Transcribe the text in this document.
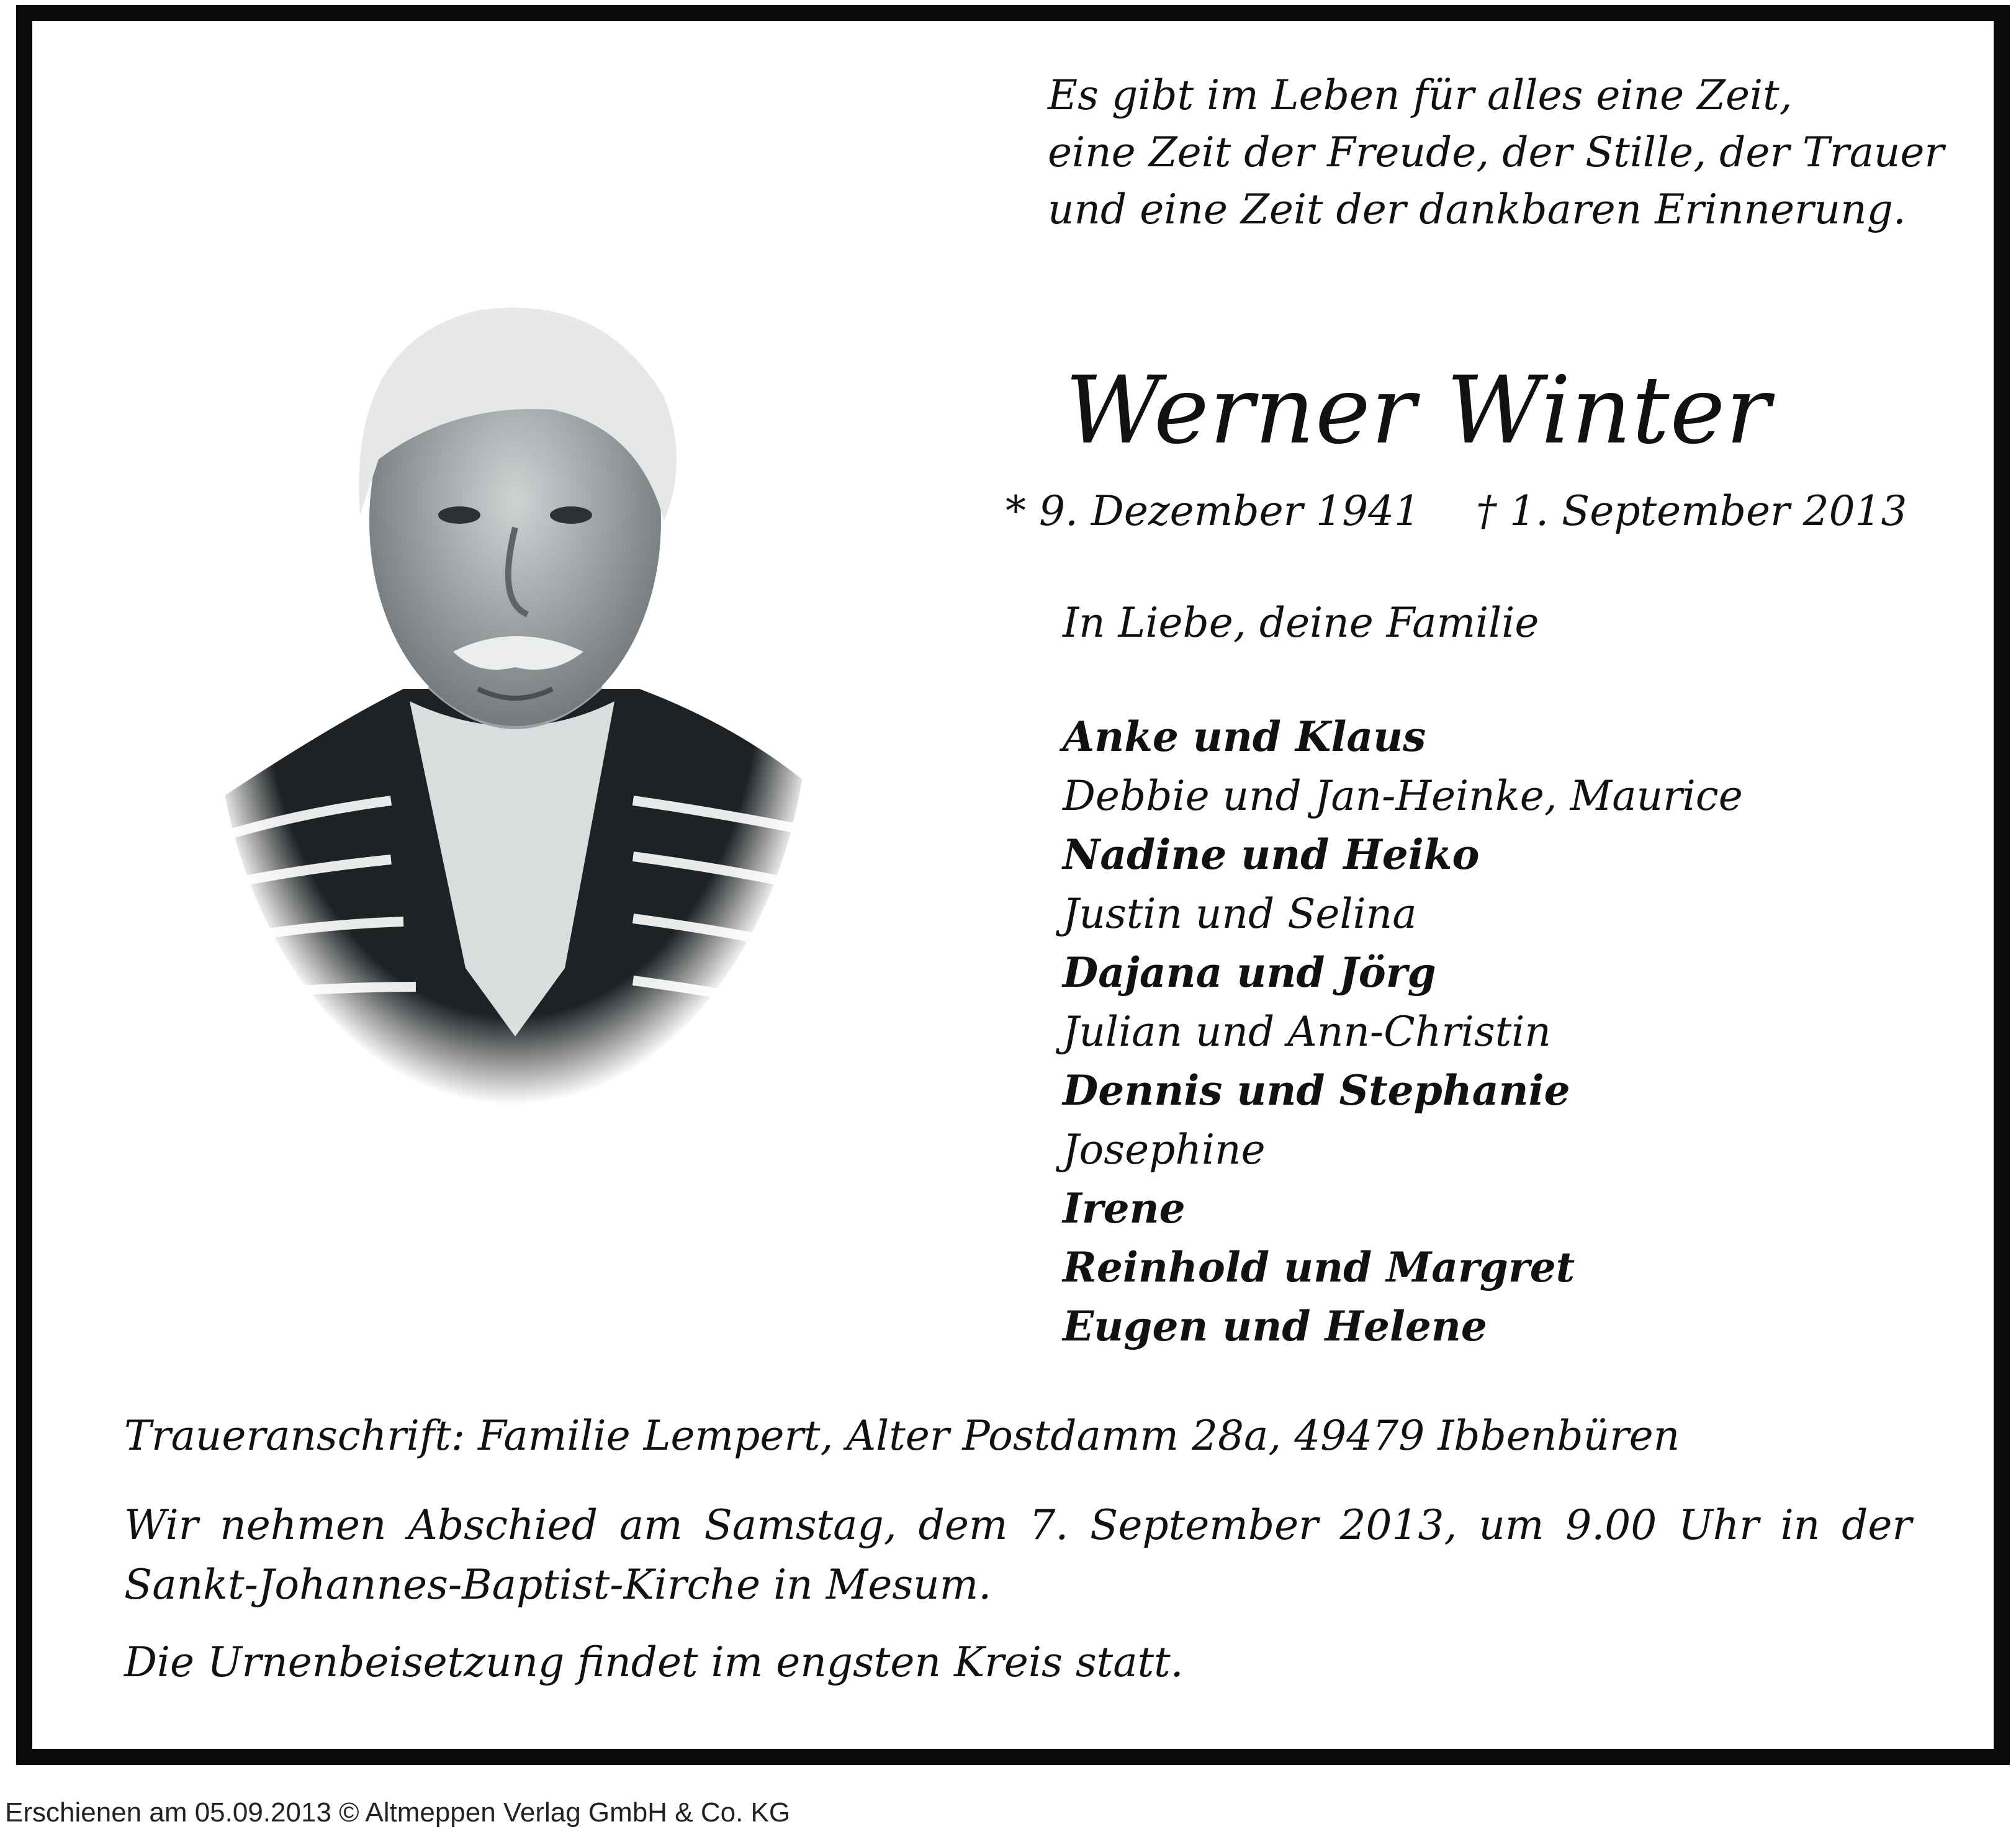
Es gibt im Leben für alles eine Zeit,
eine Zeit der Freude, der Stille, der Trauer
und eine Zeit der dankbaren Erinnerung.
Werner Winter
* 9. Dezember 1941 † 1. September 2013
In Liebe, deine Familie
Anke und Klaus
Debbie und Jan-Heinke, Maurice
Nadine und Heiko
Justin und Selina
Dajana und Jörg
Julian und Ann-Christin
Dennis und Stephanie
Josephine
Irene
Reinhold und Margret
Eugen und Helene
Traueranschrift: Familie Lempert, Alter Postdamm 28a, 49479 Ibbenbüren
Wir nehmen Abschied am Samstag, dem 7. September 2013, um 9.00 Uhr in der Sankt-Johannes-Baptist-Kirche in Mesum.
Die Urnenbeisetzung findet im engsten Kreis statt.
Erschienen am 05.09.2013 © Altmeppen Verlag GmbH & Co. KG
